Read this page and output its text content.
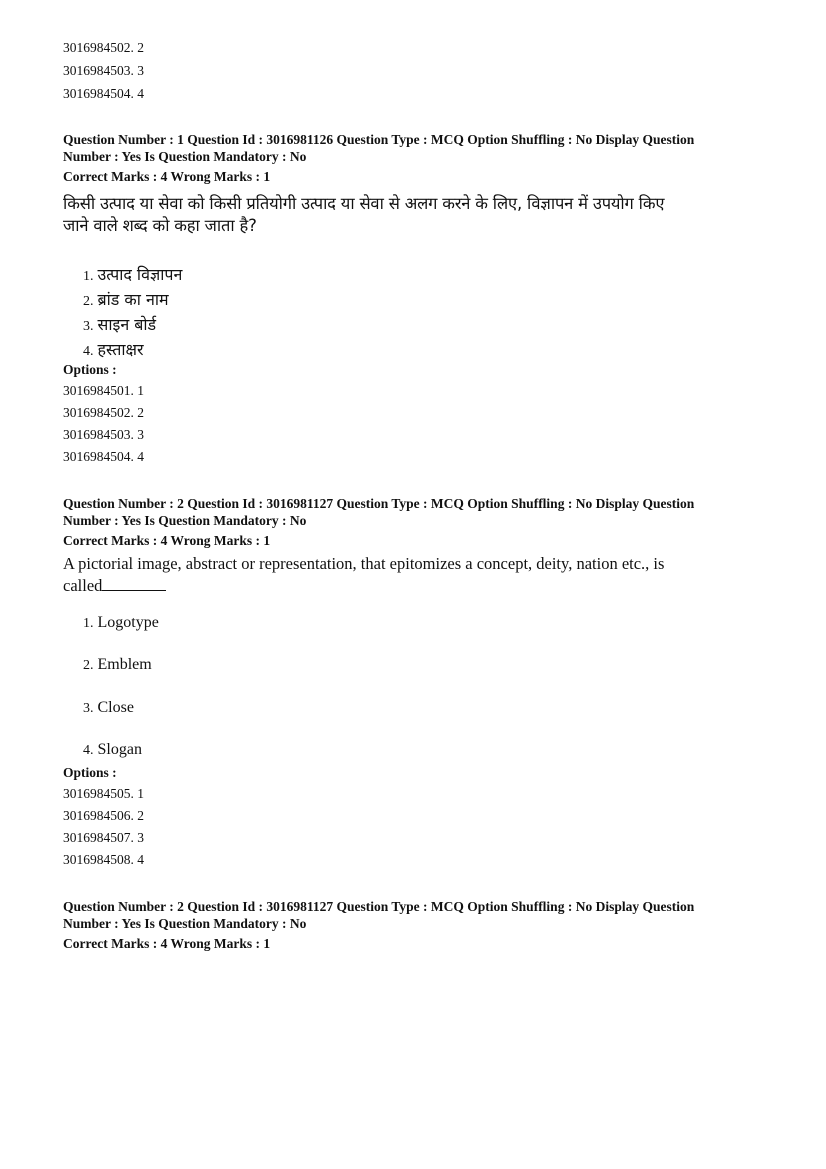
3016984502. 2
3016984503. 3
3016984504. 4
Question Number : 1 Question Id : 3016981126 Question Type : MCQ Option Shuffling : No Display Question
Number : Yes Is Question Mandatory : No
Correct Marks : 4 Wrong Marks : 1
किसी उत्पाद या सेवा को किसी प्रतियोगी उत्पाद या सेवा से अलग करने के लिए, विज्ञापन में उपयोग किए
जाने वाले शब्द को कहा जाता है?
1. उत्पाद विज्ञापन
2. ब्रांड का नाम
3. साइन बोर्ड
4. हस्ताक्षर
Options :
3016984501. 1
3016984502. 2
3016984503. 3
3016984504. 4
Question Number : 2 Question Id : 3016981127 Question Type : MCQ Option Shuffling : No Display Question
Number : Yes Is Question Mandatory : No
Correct Marks : 4 Wrong Marks : 1
A pictorial image, abstract or representation, that epitomizes a concept, deity, nation etc., is
called
1. Logotype
2. Emblem
3. Close
4. Slogan
Options :
3016984505. 1
3016984506. 2
3016984507. 3
3016984508. 4
Question Number : 2 Question Id : 3016981127 Question Type : MCQ Option Shuffling : No Display Question
Number : Yes Is Question Mandatory : No
Correct Marks : 4 Wrong Marks : 1
